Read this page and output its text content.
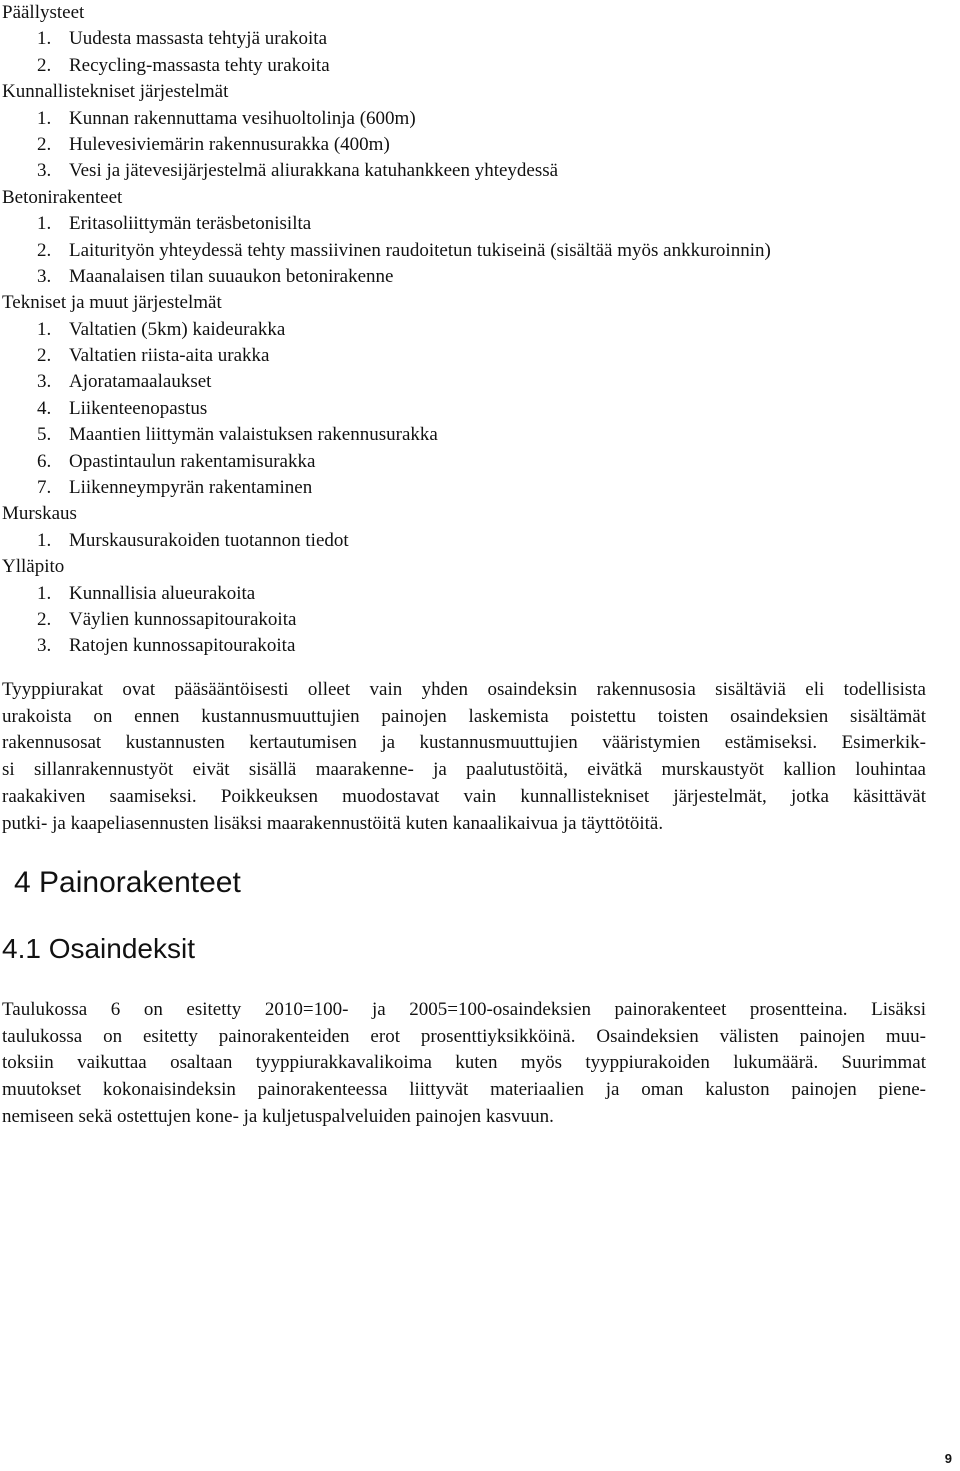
Päällysteet
1. Uudesta massasta tehtyjä urakoita
2. Recycling-massasta tehty urakoita
Kunnallistekniset järjestelmät
1. Kunnan rakennuttama vesihuoltolinja (600m)
2. Hulevesiviemärin rakennusurakka (400m)
3. Vesi ja jätevesijärjestelmä aliurakkana katuhankkeen yhteydessä
Betonirakenteet
1. Eritasoliittymän teräsbetonisilta
2. Laiturityön yhteydessä tehty massiivinen raudoitetun tukiseinä (sisältää myös ankkuroinnin)
3. Maanalaisen tilan suuaukon betonirakenne
Tekniset ja muut järjestelmät
1. Valtatien (5km) kaideurakka
2. Valtatien riista-aita urakka
3. Ajoratamaalaukset
4. Liikenteenopastus
5. Maantien liittymän valaistuksen rakennusurakka
6. Opastintaulun rakentamisurakka
7. Liikenneympyrän rakentaminen
Murskaus
1. Murskausurakoiden tuotannon tiedot
Ylläpito
1. Kunnallisia alueurakoita
2. Väylien kunnossapitourakoita
3. Ratojen kunnossapitourakoita
Tyyppiurakat ovat pääsääntöisesti olleet vain yhden osaindeksin rakennusosia sisältäviä eli todellisista
urakoista on ennen kustannusmuuttujien painojen laskemista poistettu toisten osaindeksien sisältämät
rakennusosat kustannusten kertautumisen ja kustannusmuuttujien vääristymien estämiseksi. Esimerkik-
si sillanrakennustyöt eivät sisällä maarakenne- ja paalutustöitä, eivätkä murskaustyöt kallion louhintaa
raakakiven saamiseksi. Poikkeuksen muodostavat vain kunnallistekniset järjestelmät, jotka käsittävät
putki- ja kaapeliasennusten lisäksi maarakennustöitä kuten kanaalikaivua ja täyttötöitä.
4 Painorakenteet
4.1 Osaindeksit
Taulukossa 6 on esitetty 2010=100- ja 2005=100-osaindeksien painorakenteet prosentteina. Lisäksi
taulukossa on esitetty painorakenteiden erot prosenttiyksikköinä. Osaindeksien välisten painojen muu-
toksiin vaikuttaa osaltaan tyyppiurakkavalikoima kuten myös tyyppiurakoiden lukumäärä. Suurimmat
muutokset kokonaisindeksin painorakenteessa liittyvät materiaalien ja oman kaluston painojen piene-
nemiseen sekä ostettujen kone- ja kuljetuspalveluiden painojen kasvuun.
9
